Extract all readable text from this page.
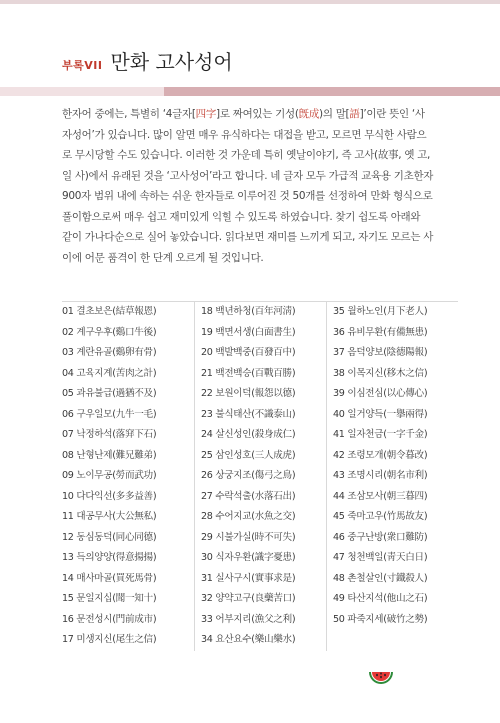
부록VII 만화 고사성어
한자어 중에는, 특별히 ‘4글자[四字]로 짜여있는 기성(旣成)의 말[語]’이란 뜻인 ‘사
자성어’가 있습니다. 많이 알면 매우 유식하다는 대접을 받고, 모르면 무식한 사람으
로 무시당할 수도 있습니다. 이러한 것 가운데 특히 옛날이야기, 즉 고사(故事, 옛 고,
일 사)에서 유래된 것을 ‘고사성어’라고 합니다. 네 글자 모두 가급적 교육용 기초한자
900자 범위 내에 속하는 쉬운 한자들로 이루어진 것 50개를 선정하여 만화 형식으로
풀이함으로써 매우 쉽고 재미있게 익힐 수 있도록 하였습니다. 찾기 쉽도록 아래와
같이 가나다순으로 실어 놓았습니다. 읽다보면 재미를 느끼게 되고, 자기도 모르는 사
이에 어문 품격이 한 단계 오르게 될 것입니다.
01 결초보은(結草報恩)
02 계구우후(鷄口牛後)
03 계란유골(鷄卵有骨)
04 고육지계(苦肉之計)
05 과유불급(過猶不及)
06 구우일모(九牛一毛)
07 낙정하석(落穽下石)
08 난형난제(難兄難弟)
09 노이무공(勞而武功)
10 다다익선(多多益善)
11 대공무사(大公無私)
12 동심동덕(同心同德)
13 득의양양(得意揚揚)
14 매사마골(買死馬骨)
15 문일지십(聞一知十)
16 문전성시(門前成市)
17 미생지신(尾生之信)
18 백년하청(百年河淸)
19 백면서생(白面書生)
20 백발백중(百發百中)
21 백전백승(百戰百勝)
22 보원이덕(報怨以德)
23 불식태산(不識泰山)
24 살신성인(殺身成仁)
25 삼인성호(三人成虎)
26 상궁지조(傷弓之鳥)
27 수락석출(水落石出)
28 수어지교(水魚之交)
29 시불가실(時不可失)
30 식자우환(識字憂患)
31 실사구시(實事求是)
32 양약고구(良藥苦口)
33 어부지리(漁父之利)
34 요산요수(樂山樂水)
35 월하노인(月下老人)
36 유비무환(有備無患)
37 음덕양보(陰德陽報)
38 이목지신(移木之信)
39 이심전심(以心傳心)
40 일거양득(一擧兩得)
41 일자천금(一字千金)
42 조령모개(朝令暮改)
43 조명시리(朝名市利)
44 조삼모사(朝三暮四)
45 죽마고우(竹馬故友)
46 중구난방(衆口難防)
47 청천백일(靑天白日)
48 촌철살인(寸鐵殺人)
49 타산지석(他山之石)
50 파죽지세(破竹之勢)
